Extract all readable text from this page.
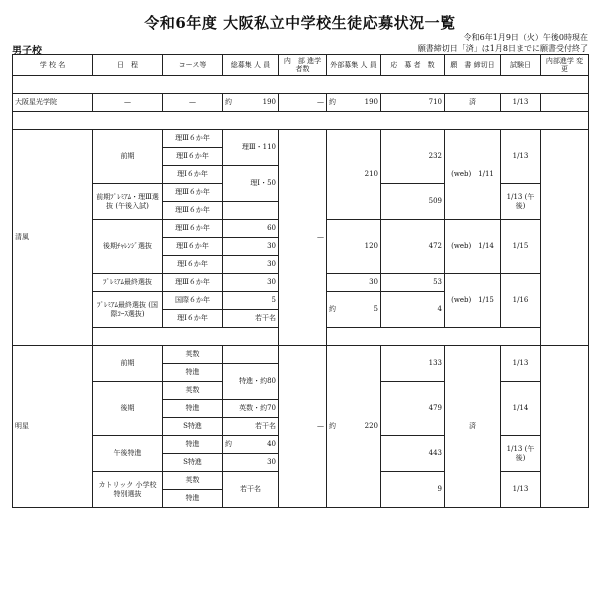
令和6年度 大阪私立中学校生徒応募状況一覧
令和6年1月9日（火）午後0時現在
男子校	願書締切日「済」は1月8日までに願書受付終了
学 校 名	日　程	コース等	総募集 人 員	内　部 進学者数	外部募集 人 員	応　募 者　数	願　書 締切日	試験日	内部進学 変更

大阪星光学院	—	—	約 190	—	約 190	710	済	1/13	

清風	前期	理Ⅲ６か年	理Ⅲ・110	—	210	232	(web)　1/11	1/13	
		理Ⅱ６か年							
		理Ⅰ６か年	理Ⅰ・50						
	前期ﾌﾟﾚﾐｱﾑ・理Ⅲ選抜 (午後入試)	理Ⅲ６か年				509		1/13 (午後)	
		理Ⅲ６か年							
	後期ﾁｬﾚﾝｼﾞ選抜	理Ⅲ６か年	60		120	472	(web)　1/14	1/15	
		理Ⅱ６か年	30						
		理Ⅰ６か年	30						
	ﾌﾟﾚﾐｱﾑ最終選抜	理Ⅲ６か年	30		30	53	(web)　1/15	1/16	
	ﾌﾟﾚﾐｱﾑ最終選抜 (国際ｺｰｽ選抜)	国際６か年	5		約 5	4			
		理Ⅰ６か年	若干名						

明星	前期	英数		—	約 220	133	済	1/13	
		特進	特進・約80						
	後期	英数				479		1/14	
		特進	英数・約70						
		S特進	若干名						
	午後特進	特進	約 40			443		1/13 (午後)	
		S特進	30						
	カトリック 小学校 特別選抜	英数	若干名			9		1/13	
		特進							
